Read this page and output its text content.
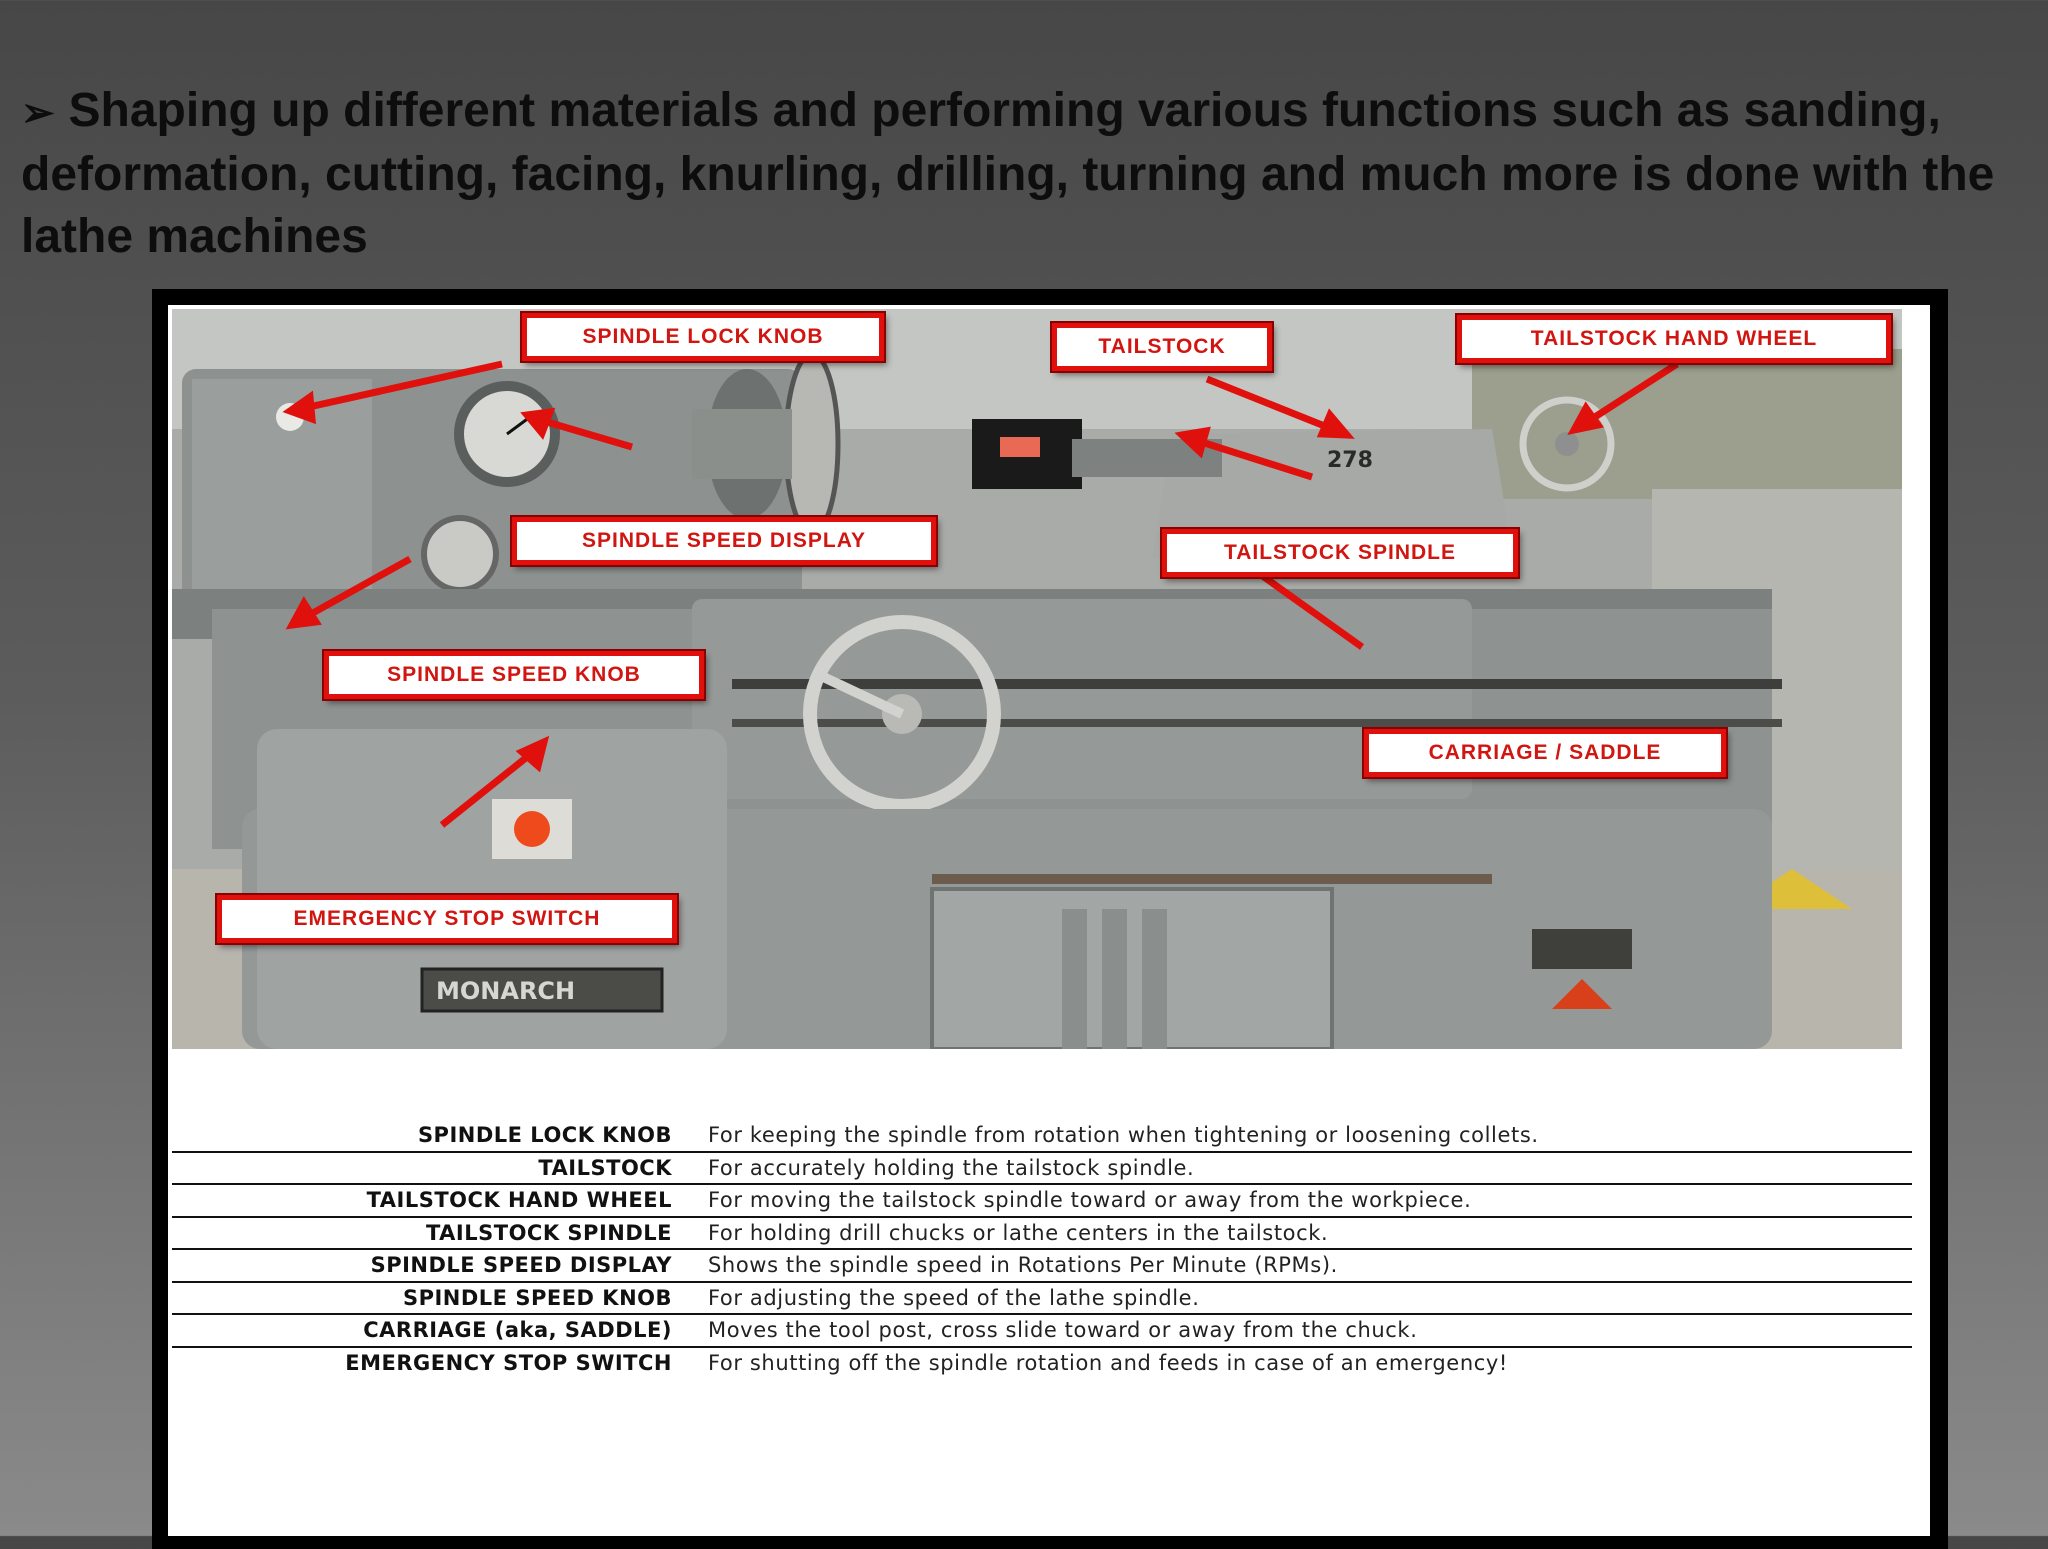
➢ Shaping up different materials and performing various functions such as sanding, deformation, cutting, facing, knurling, drilling, turning and much more is done with the lathe machines
278
MONARCH
SPINDLE LOCK KNOB	TAILSTOCK	TAILSTOCK HAND WHEEL
SPINDLE SPEED DISPLAY
TAILSTOCK SPINDLE
SPINDLE SPEED KNOB
CARRIAGE / SADDLE
EMERGENCY STOP SWITCH
SPINDLE LOCK KNOB	For keeping the spindle from rotation when tightening or loosening collets.
TAILSTOCK	For accurately holding the tailstock spindle.
TAILSTOCK HAND WHEEL	For moving the tailstock spindle toward or away from the workpiece.
TAILSTOCK SPINDLE	For holding drill chucks or lathe centers in the tailstock.
SPINDLE SPEED DISPLAY	Shows the spindle speed in Rotations Per Minute (RPMs).
SPINDLE SPEED KNOB	For adjusting the speed of the lathe spindle.
CARRIAGE (aka, SADDLE)	Moves the tool post, cross slide toward or away from the chuck.
EMERGENCY STOP SWITCH	For shutting off the spindle rotation and feeds in case of an emergency!
